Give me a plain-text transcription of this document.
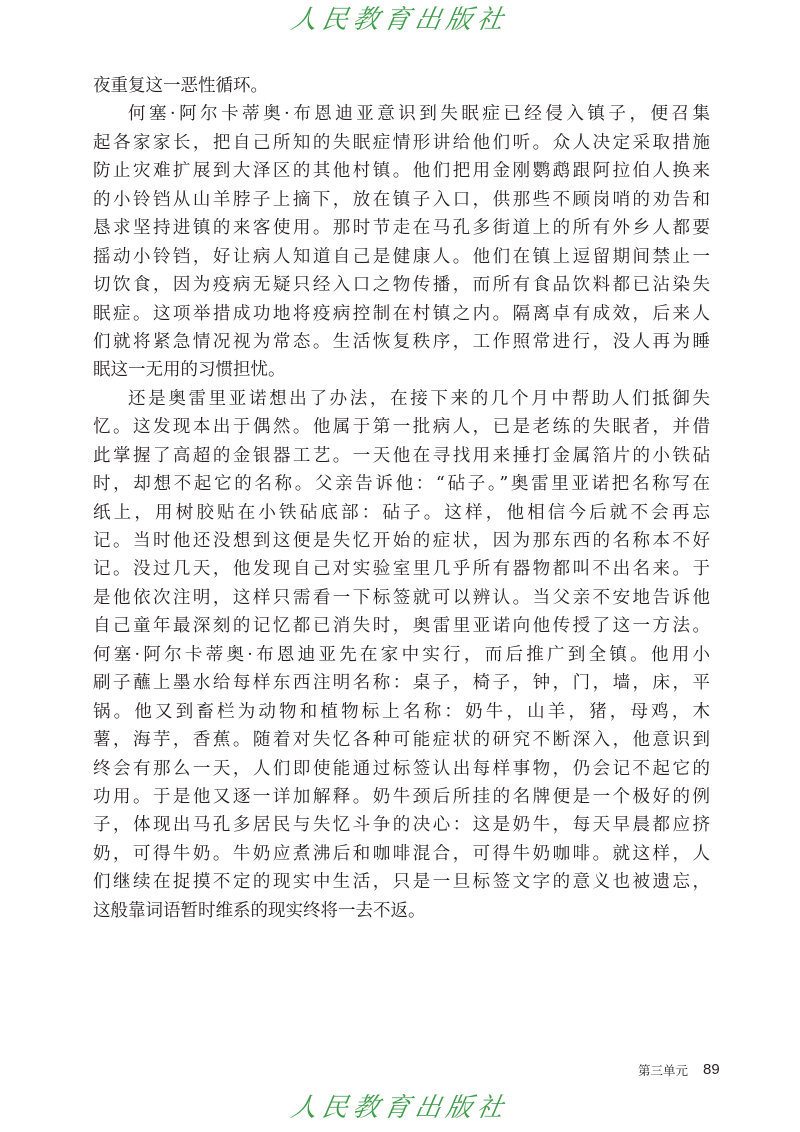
人民教育出版社
夜重复这一恶性循环。
何塞·阿尔卡蒂奥·布恩迪亚意识到失眠症已经侵入镇子，便召集
起各家家长，把自己所知的失眠症情形讲给他们听。众人决定采取措施
防止灾难扩展到大泽区的其他村镇。他们把用金刚鹦鹉跟阿拉伯人换来
的小铃铛从山羊脖子上摘下，放在镇子入口，供那些不顾岗哨的劝告和
恳求坚持进镇的来客使用。那时节走在马孔多街道上的所有外乡人都要
摇动小铃铛，好让病人知道自己是健康人。他们在镇上逗留期间禁止一
切饮食，因为疫病无疑只经入口之物传播，而所有食品饮料都已沾染失
眠症。这项举措成功地将疫病控制在村镇之内。隔离卓有成效，后来人
们就将紧急情况视为常态。生活恢复秩序，工作照常进行，没人再为睡
眠这一无用的习惯担忧。
还是奥雷里亚诺想出了办法，在接下来的几个月中帮助人们抵御失
忆。这发现本出于偶然。他属于第一批病人，已是老练的失眠者，并借
此掌握了高超的金银器工艺。一天他在寻找用来捶打金属箔片的小铁砧
时，却想不起它的名称。父亲告诉他：“砧子。”奥雷里亚诺把名称写在
纸上，用树胶贴在小铁砧底部：砧子。这样，他相信今后就不会再忘
记。当时他还没想到这便是失忆开始的症状，因为那东西的名称本不好
记。没过几天，他发现自己对实验室里几乎所有器物都叫不出名来。于
是他依次注明，这样只需看一下标签就可以辨认。当父亲不安地告诉他
自己童年最深刻的记忆都已消失时，奥雷里亚诺向他传授了这一方法。
何塞·阿尔卡蒂奥·布恩迪亚先在家中实行，而后推广到全镇。他用小
刷子蘸上墨水给每样东西注明名称：桌子，椅子，钟，门，墙，床，平
锅。他又到畜栏为动物和植物标上名称：奶牛，山羊，猪，母鸡，木
薯，海芋，香蕉。随着对失忆各种可能症状的研究不断深入，他意识到
终会有那么一天，人们即使能通过标签认出每样事物，仍会记不起它的
功用。于是他又逐一详加解释。奶牛颈后所挂的名牌便是一个极好的例
子，体现出马孔多居民与失忆斗争的决心：这是奶牛，每天早晨都应挤
奶，可得牛奶。牛奶应煮沸后和咖啡混合，可得牛奶咖啡。就这样，人
们继续在捉摸不定的现实中生活，只是一旦标签文字的意义也被遗忘，
这般靠词语暂时维系的现实终将一去不返。
第三单元 89
人民教育出版社
